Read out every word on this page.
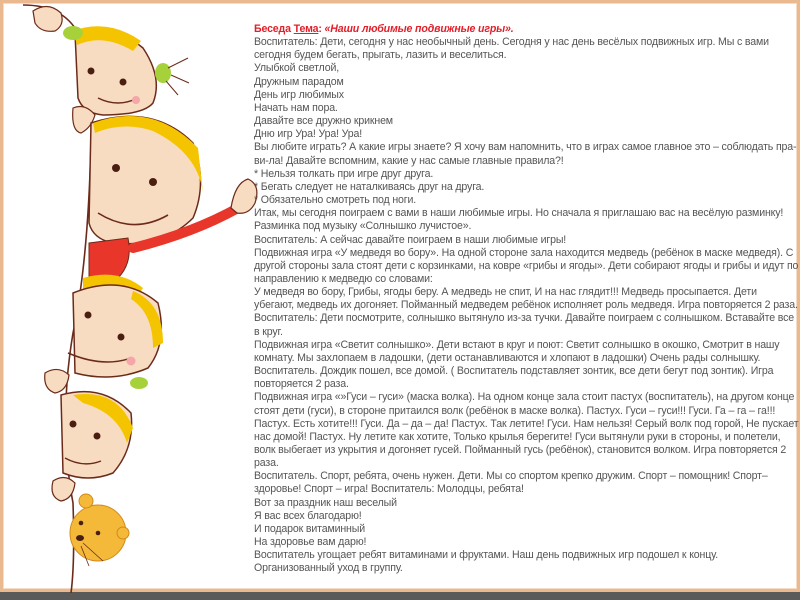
Беседа Тема: «Наши любимые подвижные игры».

Воспитатель: Дети, сегодня у нас необычный день. Сегодня у нас день весёлых подвижных игр. Мы с вами сегодня будем бегать, прыгать, лазить и веселиться.

Улыбкой светлой,

Дружным парадом

День игр любимых

Начать нам пора.

Давайте все дружно крикнем

Дню игр Ура! Ура! Ура!

Вы любите играть? А какие игры знаете? Я хочу вам напомнить, что в играх самое главное это – соблюдать пра-ви-ла! Давайте вспомним, какие у нас самые главные правила?!

* Нельзя толкать при игре друг друга.

* Бегать следует не наталкиваясь друг на друга.

* Обязательно смотреть под ноги.

Итак, мы сегодня поиграем с вами в наши любимые игры. Но сначала я приглашаю вас на весёлую разминку!

Разминка под музыку «Солнышко лучистое».

Воспитатель: А сейчас давайте поиграем в наши любимые игры!

Подвижная игра «У медведя во бору». На одной стороне зала находится медведь (ребёнок в маске медведя). С другой стороны зала стоят дети с корзинками, на ковре «грибы и ягоды». Дети собирают ягоды и грибы и идут по направлению к медведю со словами:

У медведя во бору, Грибы, ягоды беру. А медведь не спит, И на нас глядит!!! Медведь просыпается. Дети убегают, медведь их догоняет. Пойманный медведем ребёнок исполняет роль медведя. Игра повторяется 2 раза. Воспитатель: Дети посмотрите, солнышко вытянуло из-за тучки. Давайте поиграем с солнышком. Вставайте все в круг.

Подвижная игра «Светит солнышко». Дети встают в круг и поют: Светит солнышко в окошко, Смотрит в нашу комнату. Мы захлопаем в ладошки, (дети останавливаются и хлопают в ладошки) Очень рады солнышку. Воспитатель. Дождик пошел, все домой. ( Воспитатель подставляет зонтик, все дети бегут под зонтик). Игра повторяется 2 раза.

Подвижная игра «»Гуси – гуси» (маска волка). На одном конце зала стоит пастух (воспитатель), на другом конце стоят дети (гуси), в стороне притаился волк (ребёнок в маске волка). Пастух. Гуси – гуси!!! Гуси. Га – га – га!!! Пастух. Есть хотите!!! Гуси. Да – да – да! Пастух. Так летите! Гуси. Нам нельзя! Серый волк под горой, Не пускает нас домой! Пастух. Ну летите как хотите, Только крылья берегите! Гуси вытянули руки в стороны, и полетели, волк выбегает из укрытия и догоняет гусей. Пойманный гусь (ребёнок), становится волком. Игра повторяется 2 раза.

Воспитатель. Спорт, ребята, очень нужен. Дети. Мы со спортом крепко дружим. Спорт – помощник! Спорт– здоровье! Спорт – игра! Воспитатель: Молодцы, ребята!

Вот за праздник наш веселый

Я вас всех благодарю!

И подарок витаминный

На здоровье вам дарю!

Воспитатель угощает ребят витаминами и фруктами. Наш день подвижных игр подошел к концу. Организованный уход в группу.
